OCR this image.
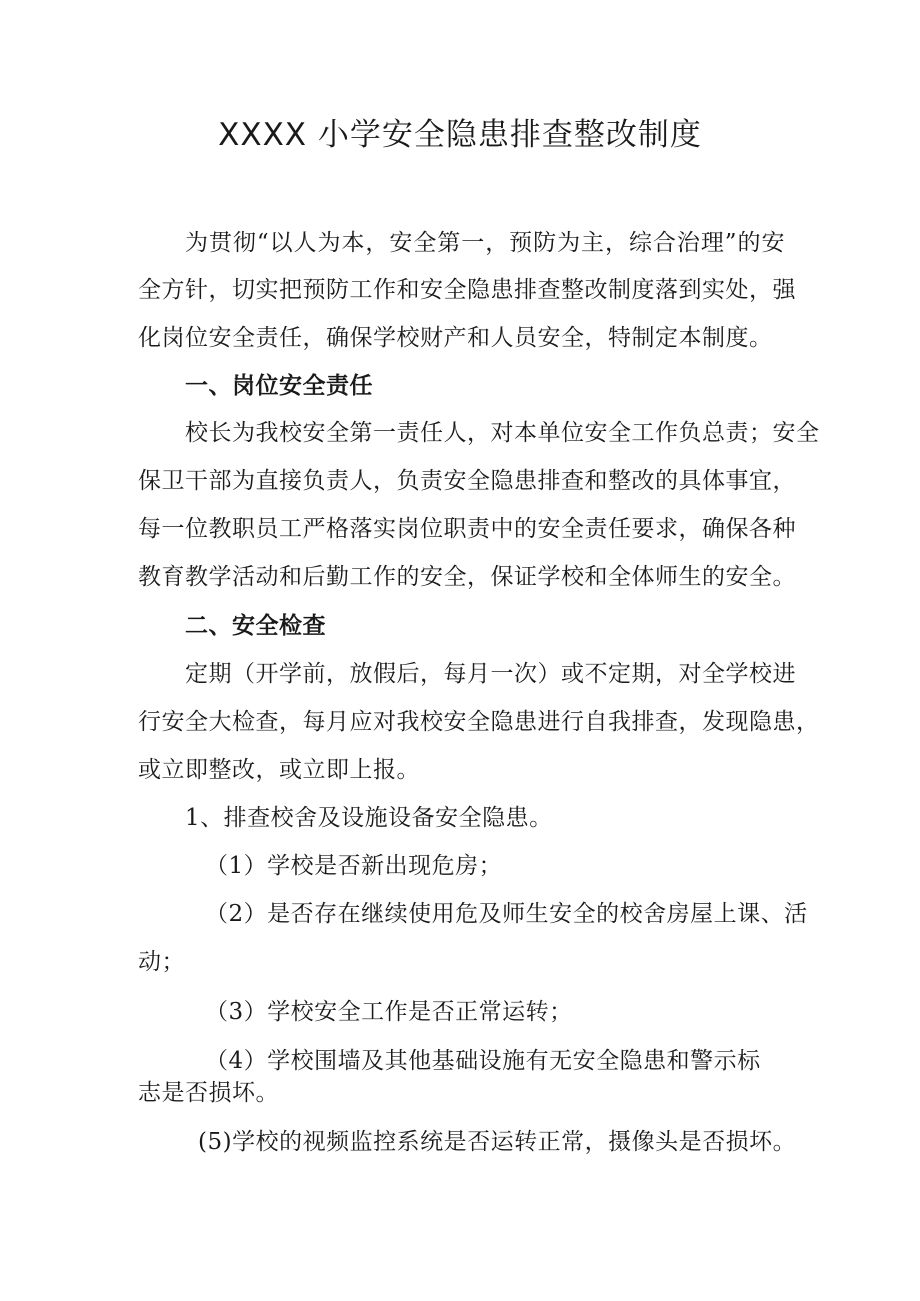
XXXX 小学安全隐患排查整改制度
为贯彻“以人为本，安全第一，预防为主，综合治理”的安
全方针，切实把预防工作和安全隐患排查整改制度落到实处，强
化岗位安全责任，确保学校财产和人员安全，特制定本制度。
一、岗位安全责任
校长为我校安全第一责任人，对本单位安全工作负总责；安全
保卫干部为直接负责人，负责安全隐患排查和整改的具体事宜，
每一位教职员工严格落实岗位职责中的安全责任要求，确保各种
教育教学活动和后勤工作的安全，保证学校和全体师生的安全。
二、安全检查
定期（开学前，放假后，每月一次）或不定期，对全学校进
行安全大检查，每月应对我校安全隐患进行自我排查，发现隐患，
或立即整改，或立即上报。
1、排查校舍及设施设备安全隐患。
（1）学校是否新出现危房；
（2）是否存在继续使用危及师生安全的校舍房屋上课、活
动；
（3）学校安全工作是否正常运转；
（4）学校围墙及其他基础设施有无安全隐患和警示标
志是否损坏。
(5)学校的视频监控系统是否运转正常，摄像头是否损坏。
